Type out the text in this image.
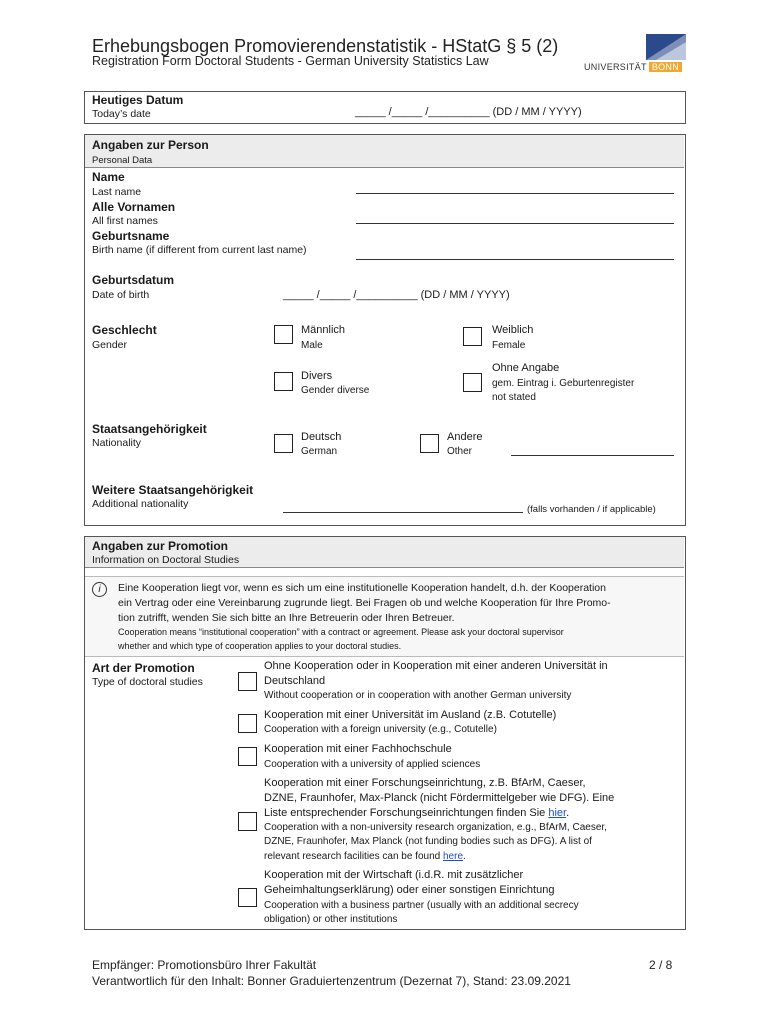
Erhebungsbogen Promovierendenstatistik - HStatG § 5 (2)
Registration Form Doctoral Students - German University Statistics Law	UNIVERSITÄT BONN
Heutiges Datum
Today’s date	_____ /_____ /__________ (DD / MM / YYYY)
Angaben zur Person
Personal Data
Name
Last name
Alle Vornamen
All first names
Geburtsname
Birth name (if different from current last name)
Geburtsdatum
Date of birth	_____ /_____ /__________ (DD / MM / YYYY)
Geschlecht
Gender
Männlich
Male
Weiblich
Female
Divers
Gender diverse
Ohne Angabe
gem. Eintrag i. Geburtenregister
not stated
Staatsangehörigkeit
Nationality	Deutsch
German
Andere
Other
Weitere Staatsangehörigkeit
Additional nationality	(falls vorhanden / if applicable)
Angaben zur Promotion
Information on Doctoral Studies
i	Eine Kooperation liegt vor, wenn es sich um eine institutionelle Kooperation handelt, d.h. der Kooperation
ein Vertrag oder eine Vereinbarung zugrunde liegt. Bei Fragen ob und welche Kooperation für Ihre Promo-
tion zutrifft, wenden Sie sich bitte an Ihre Betreuerin oder Ihren Betreuer.
Cooperation means “institutional cooperation” with a contract or agreement. Please ask your doctoral supervisor
whether and which type of cooperation applies to your doctoral studies.
Art der Promotion
Type of doctoral studies
Ohne Kooperation oder in Kooperation mit einer anderen Universität in
Deutschland
Without cooperation or in cooperation with another German university
Kooperation mit einer Universität im Ausland (z.B. Cotutelle)
Cooperation with a foreign university (e.g., Cotutelle)
Kooperation mit einer Fachhochschule
Cooperation with a university of applied sciences
Kooperation mit einer Forschungseinrichtung, z.B. BfArM, Caeser,
DZNE, Fraunhofer, Max-Planck (nicht Fördermittelgeber wie DFG). Eine
Liste entsprechender Forschungseinrichtungen finden Sie hier.
Cooperation with a non-university research organization, e.g., BfArM, Caeser,
DZNE, Fraunhofer, Max Planck (not funding bodies such as DFG). A list of
relevant research facilities can be found here.
Kooperation mit der Wirtschaft (i.d.R. mit zusätzlicher
Geheimhaltungserklärung) oder einer sonstigen Einrichtung
Cooperation with a business partner (usually with an additional secrecy
obligation) or other institutions
Empfänger: Promotionsbüro Ihrer Fakultät
Verantwortlich für den Inhalt: Bonner Graduiertenzentrum (Dezernat 7), Stand: 23.09.2021
2 / 8
